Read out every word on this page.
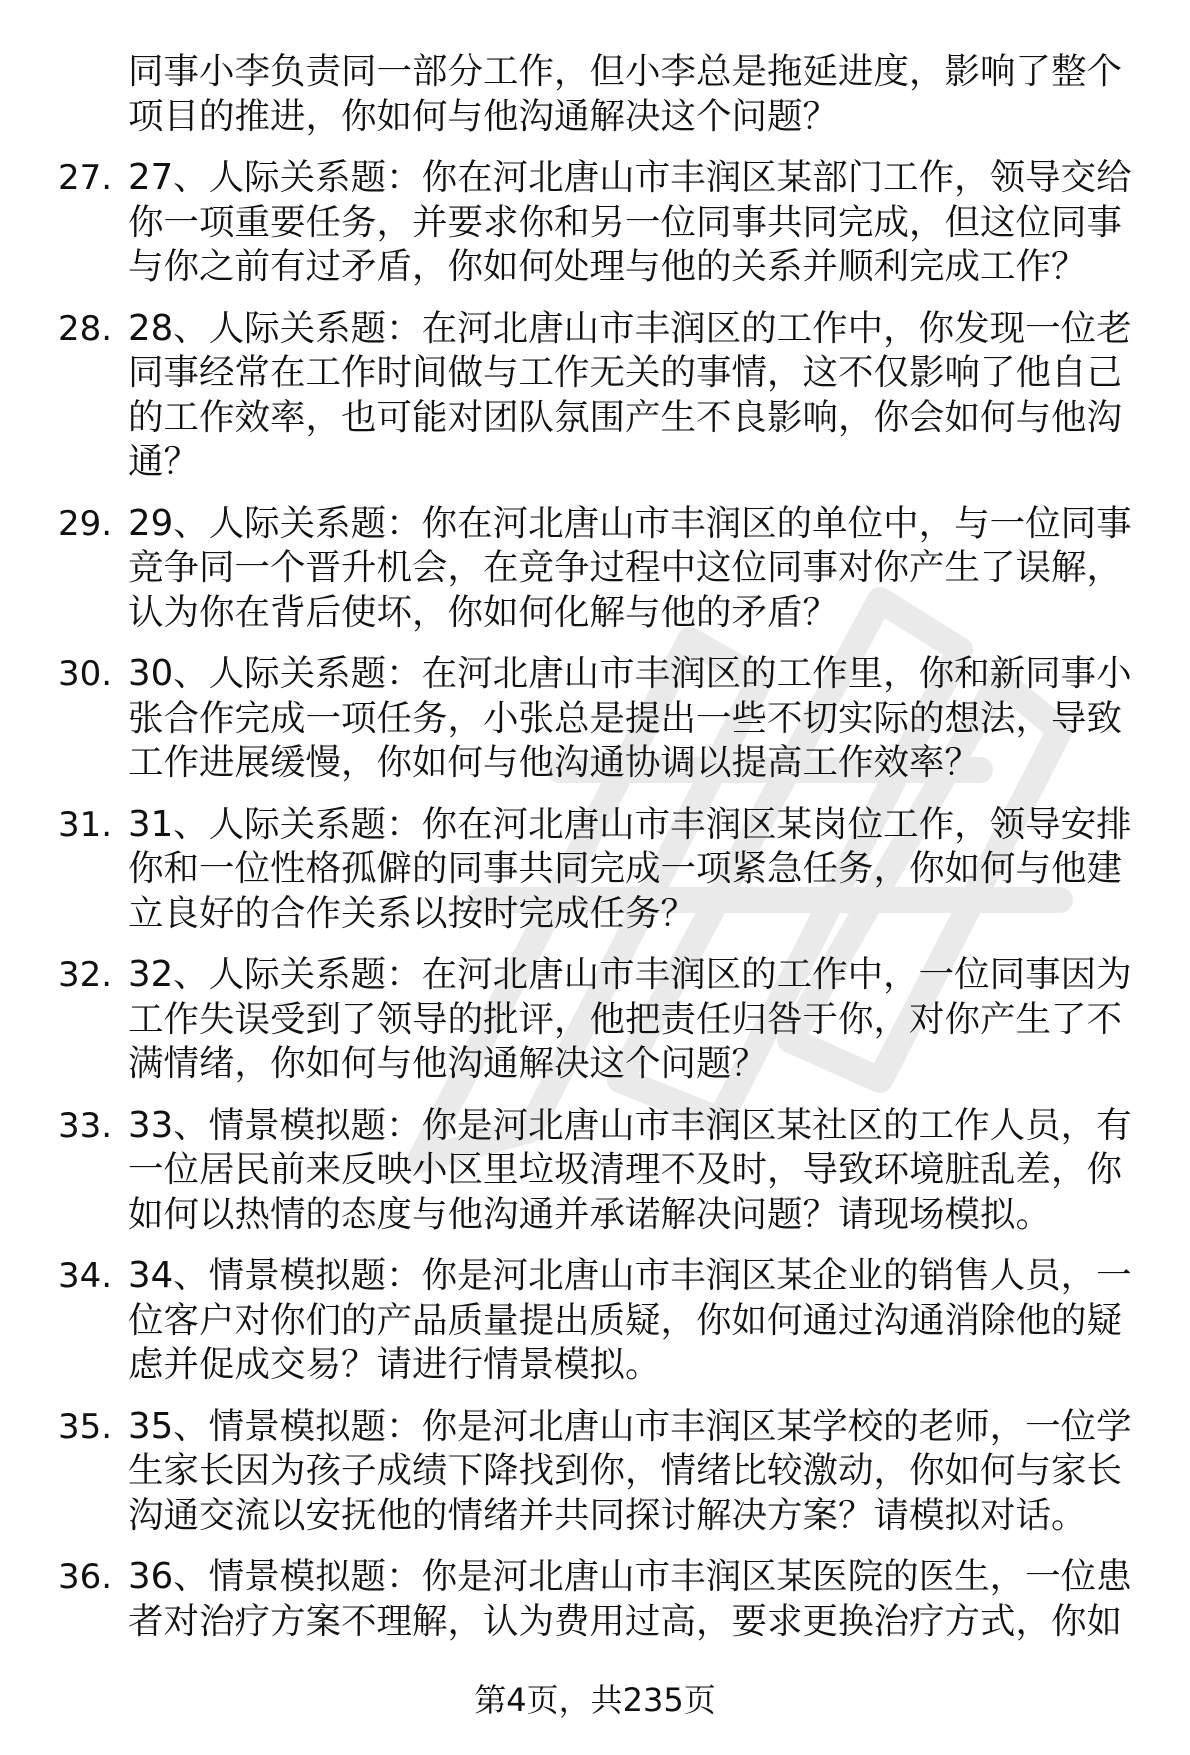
同事小李负责同一部分工作，但小李总是拖延进度，影响了整个
项目的推进，你如何与他沟通解决这个问题？
27. 27、人际关系题：你在河北唐山市丰润区某部门工作，领导交给
你一项重要任务，并要求你和另一位同事共同完成，但这位同事
与你之前有过矛盾，你如何处理与他的关系并顺利完成工作？
28. 28、人际关系题：在河北唐山市丰润区的工作中，你发现一位老
同事经常在工作时间做与工作无关的事情，这不仅影响了他自己
的工作效率，也可能对团队氛围产生不良影响，你会如何与他沟
通？
29. 29、人际关系题：你在河北唐山市丰润区的单位中，与一位同事
竞争同一个晋升机会，在竞争过程中这位同事对你产生了误解，
认为你在背后使坏，你如何化解与他的矛盾？
30. 30、人际关系题：在河北唐山市丰润区的工作里，你和新同事小
张合作完成一项任务，小张总是提出一些不切实际的想法，导致
工作进展缓慢，你如何与他沟通协调以提高工作效率？
31. 31、人际关系题：你在河北唐山市丰润区某岗位工作，领导安排
你和一位性格孤僻的同事共同完成一项紧急任务，你如何与他建
立良好的合作关系以按时完成任务？
32. 32、人际关系题：在河北唐山市丰润区的工作中，一位同事因为
工作失误受到了领导的批评，他把责任归咎于你，对你产生了不
满情绪，你如何与他沟通解决这个问题？
33. 33、情景模拟题：你是河北唐山市丰润区某社区的工作人员，有
一位居民前来反映小区里垃圾清理不及时，导致环境脏乱差，你
如何以热情的态度与他沟通并承诺解决问题？请现场模拟。
34. 34、情景模拟题：你是河北唐山市丰润区某企业的销售人员，一
位客户对你们的产品质量提出质疑，你如何通过沟通消除他的疑
虑并促成交易？请进行情景模拟。
35. 35、情景模拟题：你是河北唐山市丰润区某学校的老师，一位学
生家长因为孩子成绩下降找到你，情绪比较激动，你如何与家长
沟通交流以安抚他的情绪并共同探讨解决方案？请模拟对话。
36. 36、情景模拟题：你是河北唐山市丰润区某医院的医生，一位患
者对治疗方案不理解，认为费用过高，要求更换治疗方式，你如
第4页，共235页
